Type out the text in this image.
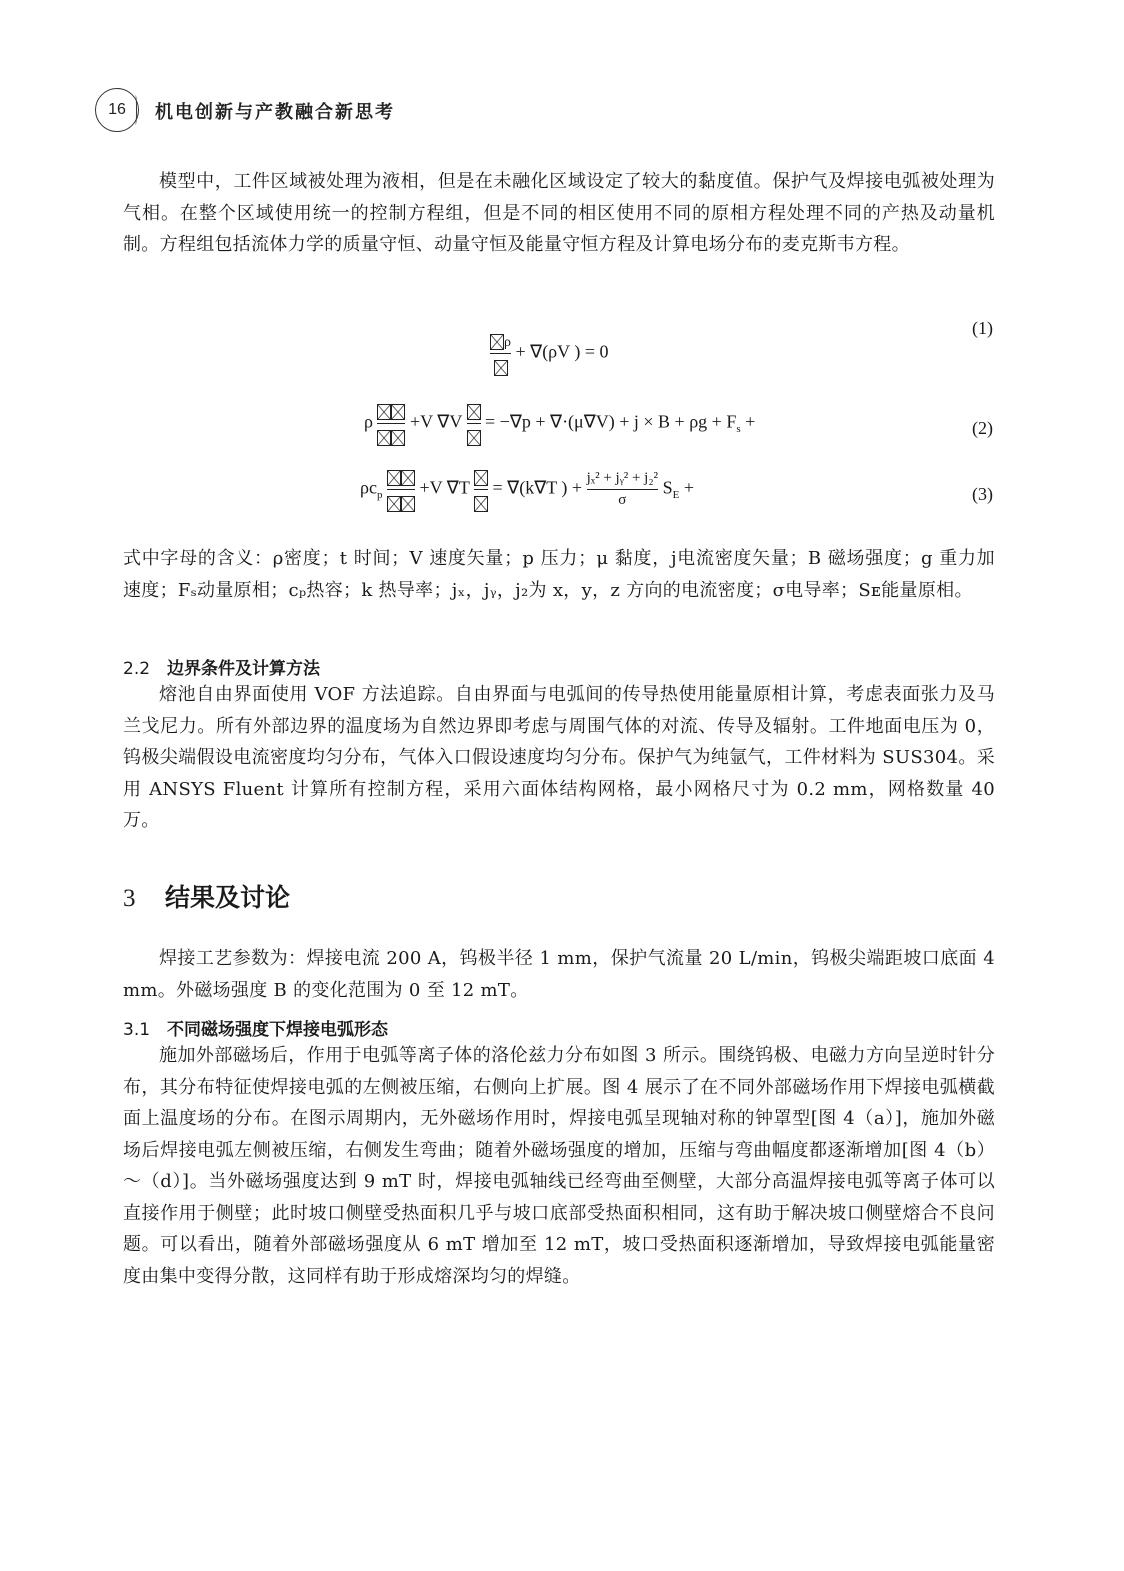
16	机电创新与产教融合新思考

模型中，工件区域被处理为液相，但是在未融化区域设定了较大的黏度值。保护气及焊接电弧被处理为气相。在整个区域使用统一的控制方程组，但是不同的相区使用不同的原相方程处理不同的产热及动量机制。方程组包括流体力学的质量守恒、动量守恒及能量守恒方程及计算电场分布的麦克斯韦方程。

ρ + ∇(ρV ) = 0
(1)
ρ +V $\nabla V = -\nabla p + \nabla\cdot(\mu\nabla V) + j \times B + \rho g + F_s$ +	(2)
$\rho c_p +V$ ∇T = ∇(k∇T ) + $\frac{\text{jₓ² + jᵧ² + j₂²}}{\sigma} S_E$ +	(3)

式中字母的含义：ρ密度；t 时间；V 速度矢量；p 压力；μ 黏度，j电流密度矢量；B 磁场强度；g 重力加速度；Fₛ动量原相；cₚ热容；k 热导率；jₓ，jᵧ，j₂为 x，y，z 方向的电流密度；σ电导率；Sᴇ能量原相。

2.2 边界条件及计算方法

熔池自由界面使用 VOF 方法追踪。自由界面与电弧间的传导热使用能量原相计算，考虑表面张力及马兰戈尼力。所有外部边界的温度场为自然边界即考虑与周围气体的对流、传导及辐射。工件地面电压为 0，钨极尖端假设电流密度均匀分布，气体入口假设速度均匀分布。保护气为纯氩气，工件材料为 SUS304。采用 ANSYS Fluent 计算所有控制方程，采用六面体结构网格，最小网格尺寸为 0.2 mm，网格数量 40 万。

3 结果及讨论

焊接工艺参数为：焊接电流 200 A，钨极半径 1 mm，保护气流量 20 L/min，钨极尖端距坡口底面 4 mm。外磁场强度 B 的变化范围为 0 至 12 mT。

3.1 不同磁场强度下焊接电弧形态

施加外部磁场后，作用于电弧等离子体的洛伦兹力分布如图 3 所示。围绕钨极、电磁力方向呈逆时针分布，其分布特征使焊接电弧的左侧被压缩，右侧向上扩展。图 4 展示了在不同外部磁场作用下焊接电弧横截面上温度场的分布。在图示周期内，无外磁场作用时，焊接电弧呈现轴对称的钟罩型[图 4（a）]，施加外磁场后焊接电弧左侧被压缩，右侧发生弯曲；随着外磁场强度的增加，压缩与弯曲幅度都逐渐增加[图 4（b）～（d）]。当外磁场强度达到 9 mT 时，焊接电弧轴线已经弯曲至侧壁，大部分高温焊接电弧等离子体可以直接作用于侧壁；此时坡口侧壁受热面积几乎与坡口底部受热面积相同，这有助于解决坡口侧壁熔合不良问题。可以看出，随着外部磁场强度从 6 mT 增加至 12 mT，坡口受热面积逐渐增加，导致焊接电弧能量密度由集中变得分散，这同样有助于形成熔深均匀的焊缝。
